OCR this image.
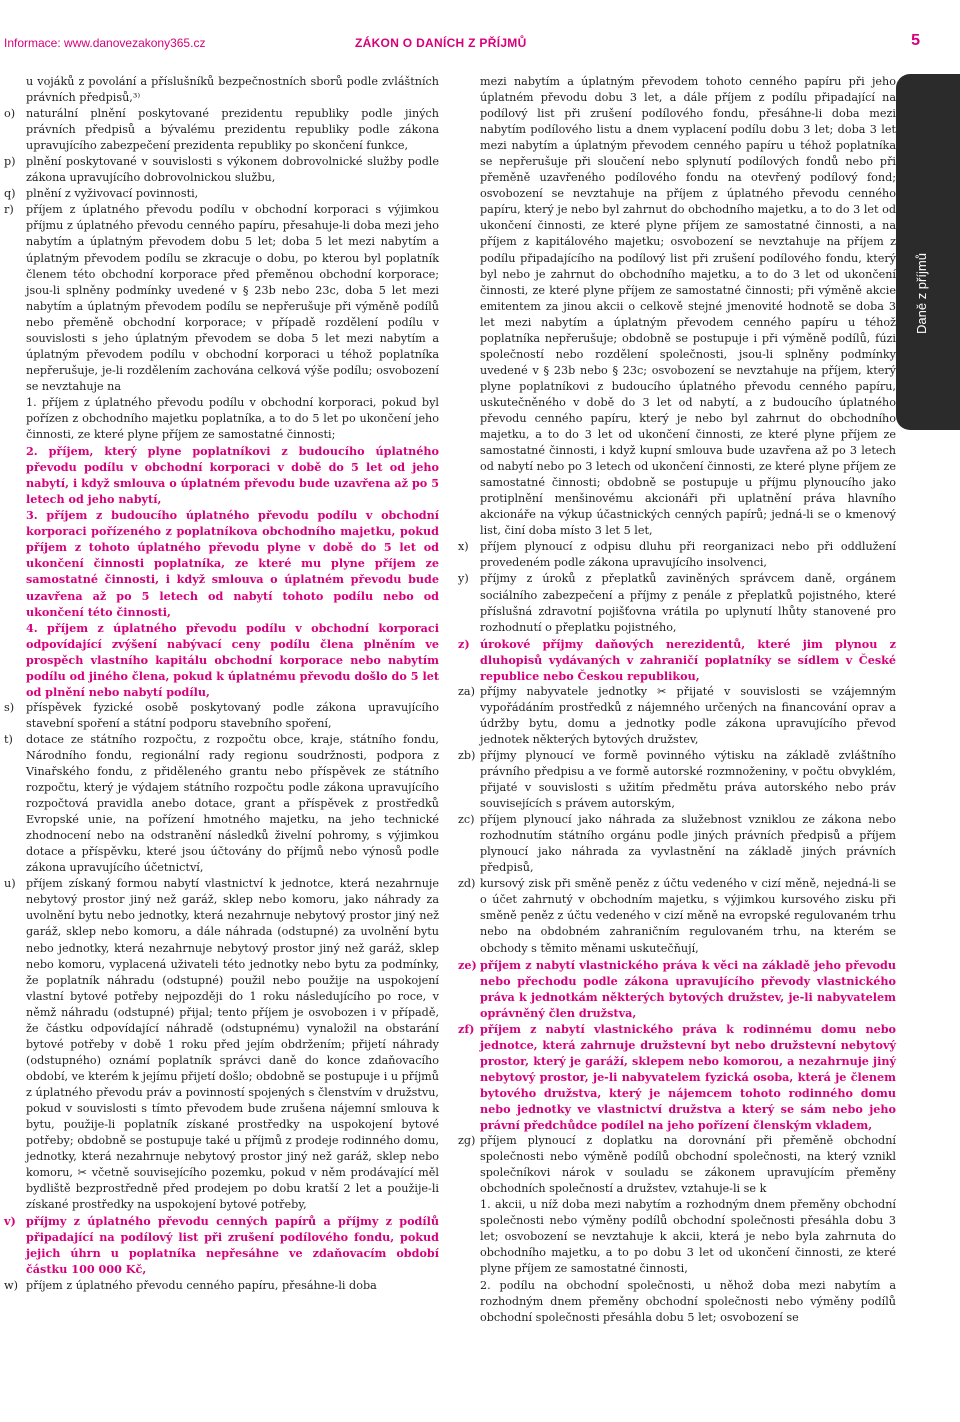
Informace: www.danovezakony365.cz	ZÁKON O DANÍCH Z PŘÍJMŮ	5
Daně z příjmů
u vojáků z povolání a příslušníků bezpečnostních sborů podle zvláštních právních předpisů,³⁾
o) naturální plnění poskytované prezidentu republiky podle jiných právních předpisů a bývalému prezidentu republiky podle zákona upravujícího zabezpečení prezidenta republiky po skončení funkce,
p) plnění poskytované v souvislosti s výkonem dobrovolnické služby podle zákona upravujícího dobrovolnickou službu,
q) plnění z vyživovací povinnosti,
r)	příjem z úplatného převodu podílu v obchodní korporaci s výjimkou příjmu z úplatného převodu cenného papíru, přesahuje-li doba mezi jeho nabytím a úplatným převodem dobu 5 let; doba 5 let mezi nabytím a úplatným převodem podílu se zkracuje o dobu, po kterou byl poplatník členem této obchodní korporace před přeměnou obchodní korporace; jsou-li splněny podmínky uvedené v § 23b nebo 23c, doba 5 let mezi nabytím a úplatným převodem podílu se nepřerušuje při výměně podílů nebo přeměně obchodní korporace; v případě rozdělení podílu v souvislosti s jeho úplatným převodem se doba 5 let mezi nabytím a úplatným převodem podílu v obchodní korporaci u téhož poplatníka nepřerušuje, je-li rozdělením zachována celková výše podílu; osvobození se nevztahuje na
1. příjem z úplatného převodu podílu v obchodní korporaci, pokud byl pořízen z obchodního majetku poplatníka, a to do 5 let po ukončení jeho činnosti, ze které plyne příjem ze samostatné činnosti;
2. příjem, který plyne poplatníkovi z budoucího úplatného převodu podílu v obchodní korporaci v době do 5 let od jeho nabytí, i když smlouva o úplatném převodu bude uzavřena až po 5 letech od jeho nabytí,
3. příjem z budoucího úplatného převodu podílu v obchodní korporaci pořízeného z poplatníkova obchodního majetku, pokud příjem z tohoto úplatného převodu plyne v době do 5 let od ukončení činnosti poplatníka, ze které mu plyne příjem ze samostatné činnosti, i když smlouva o úplatném převodu bude uzavřena až po 5 letech od nabytí tohoto podílu nebo od ukončení této činnosti,
4. příjem z úplatného převodu podílu v obchodní korporaci odpovídající zvýšení nabývací ceny podílu člena plněním ve prospěch vlastního kapitálu obchodní korporace nebo nabytím podílu od jiného člena, pokud k úplatnému převodu došlo do 5 let od plnění nebo nabytí podílu,
s)	příspěvek fyzické osobě poskytovaný podle zákona upravujícího stavební spoření a státní podporu stavebního spoření,
t)	dotace ze státního rozpočtu, z rozpočtu obce, kraje, státního fondu, Národního fondu, regionální rady regionu soudržnosti, podpora z Vinařského fondu, z přiděleného grantu nebo příspěvek ze státního rozpočtu, který je výdajem státního rozpočtu podle zákona upravujícího rozpočtová pravidla anebo dotace, grant a příspěvek z prostředků Evropské unie, na pořízení hmotného majetku, na jeho technické zhodnocení nebo na odstranění následků živelní pohromy, s výjimkou dotace a příspěvku, které jsou účtovány do příjmů nebo výnosů podle zákona upravujícího účetnictví,
u) příjem získaný formou nabytí vlastnictví k jednotce, která nezahrnuje nebytový prostor jiný než garáž, sklep nebo komoru, jako náhrady za uvolnění bytu nebo jednotky, která nezahrnuje nebytový prostor jiný než garáž, sklep nebo komoru, a dále náhrada (odstupné) za uvolnění bytu nebo jednotky, která nezahrnuje nebytový prostor jiný než garáž, sklep nebo komoru, vyplacená uživateli této jednotky nebo bytu za podmínky, že poplatník náhradu (odstupné) použil nebo použije na uspokojení vlastní bytové potřeby nejpozději do 1 roku následujícího po roce, v němž náhradu (odstupné) přijal; tento příjem je osvobozen i v případě, že částku odpovídající náhradě (odstupnému) vynaložil na obstarání bytové potřeby v době 1 roku před jejím obdržením; přijetí náhrady (odstupného) oznámí poplatník správci daně do konce zdaňovacího období, ve kterém k jejímu přijetí došlo; obdobně se postupuje i u příjmů z úplatného převodu práv a povinností spojených s členstvím v družstvu, pokud v souvislosti s tímto převodem bude zrušena nájemní smlouva k bytu, použije-li poplatník získané prostředky na uspokojení bytové potřeby; obdobně se postupuje také u příjmů z prodeje rodinného domu, jednotky, která nezahrnuje nebytový prostor jiný než garáž, sklep nebo komoru, ✂ včetně souvisejícího pozemku, pokud v něm prodávající měl bydliště bezprostředně před prodejem po dobu kratší 2 let a použije-li získané prostředky na uspokojení bytové potřeby,
v) příjmy z úplatného převodu cenných papírů a příjmy z podílů připadající na podílový list při zrušení podílového fondu, pokud jejich úhrn u poplatníka nepřesáhne ve zdaňovacím období částku 100 000 Kč,
w) příjem z úplatného převodu cenného papíru, přesáhne-li doba
mezi nabytím a úplatným převodem tohoto cenného papíru při jeho úplatném převodu dobu 3 let, a dále příjem z podílu připadající na podílový list při zrušení podílového fondu, přesáhne-li doba mezi nabytím podílového listu a dnem vyplacení podílu dobu 3 let; doba 3 let mezi nabytím a úplatným převodem cenného papíru u téhož poplatníka se nepřerušuje při sloučení nebo splynutí podílových fondů nebo při přeměně uzavřeného podílového fondu na otevřený podílový fond; osvobození se nevztahuje na příjem z úplatného převodu cenného papíru, který je nebo byl zahrnut do obchodního majetku, a to do 3 let od ukončení činnosti, ze které plyne příjem ze samostatné činnosti, a na příjem z kapitálového majetku; osvobození se nevztahuje na příjem z podílu připadajícího na podílový list při zrušení podílového fondu, který byl nebo je zahrnut do obchodního majetku, a to do 3 let od ukončení činnosti, ze které plyne příjem ze samostatné činnosti; při výměně akcie emitentem za jinou akcii o celkově stejné jmenovité hodnotě se doba 3 let mezi nabytím a úplatným převodem cenného papíru u téhož poplatníka nepřerušuje; obdobně se postupuje i při výměně podílů, fúzi společností nebo rozdělení společnosti, jsou-li splněny podmínky uvedené v § 23b nebo § 23c; osvobození se nevztahuje na příjem, který plyne poplatníkovi z budoucího úplatného převodu cenného papíru, uskutečněného v době do 3 let od nabytí, a z budoucího úplatného převodu cenného papíru, který je nebo byl zahrnut do obchodního majetku, a to do 3 let od ukončení činnosti, ze které plyne příjem ze samostatné činnosti, i když kupní smlouva bude uzavřena až po 3 letech od nabytí nebo po 3 letech od ukončení činnosti, ze které plyne příjem ze samostatné činnosti; obdobně se postupuje u příjmu plynoucího jako protiplnění menšinovému akcionáři při uplatnění práva hlavního akcionáře na výkup účastnických cenných papírů; jedná-li se o kmenový list, činí doba místo 3 let 5 let,
x)	příjem plynoucí z odpisu dluhu při reorganizaci nebo při oddlužení provedeném podle zákona upravujícího insolvenci,
y)	příjmy z úroků z přeplatků zaviněných správcem daně, orgánem sociálního zabezpečení a příjmy z penále z přeplatků pojistného, které příslušná zdravotní pojišťovna vrátila po uplynutí lhůty stanovené pro rozhodnutí o přeplatku pojistného,
z) úrokové příjmy daňových nerezidentů, které jim plynou z dluhopisů vydávaných v zahraničí poplatníky se sídlem v České republice nebo Českou republikou,
za) příjmy nabyvatele jednotky ✂ přijaté v souvislosti se vzájemným vypořádáním prostředků z nájemného určených na financování oprav a údržby bytu, domu a jednotky podle zákona upravujícího převod jednotek některých bytových družstev,
zb) příjmy plynoucí ve formě povinného výtisku na základě zvláštního právního předpisu a ve formě autorské rozmnoženiny, v počtu obvyklém, přijaté v souvislosti s užitím předmětu práva autorského nebo práv souvisejících s právem autorským,
zc) příjem plynoucí jako náhrada za služebnost vzniklou ze zákona nebo rozhodnutím státního orgánu podle jiných právních předpisů a příjem plynoucí jako náhrada za vyvlastnění na základě jiných právních předpisů,
zd) kursový zisk při směně peněz z účtu vedeného v cizí měně, nejedná-li se o účet zahrnutý v obchodním majetku, s výjimkou kursového zisku při směně peněz z účtu vedeného v cizí měně na evropské regulovaném trhu nebo na obdobném zahraničním regulovaném trhu, na kterém se obchody s těmito měnami uskutečňují,
ze) příjem z nabytí vlastnického práva k věci na základě jeho převodu nebo přechodu podle zákona upravujícího převody vlastnického práva k jednotkám některých bytových družstev, je-li nabyvatelem oprávněný člen družstva,
zf) příjem z nabytí vlastnického práva k rodinnému domu nebo jednotce, která zahrnuje družstevní byt nebo družstevní nebytový prostor, který je garáží, sklepem nebo komorou, a nezahrnuje jiný nebytový prostor, je-li nabyvatelem fyzická osoba, která je členem bytového družstva, který je nájemcem tohoto rodinného domu nebo jednotky ve vlastnictví družstva a který se sám nebo jeho právní předchůdce podílel na jeho pořízení členským vkladem,
zg) příjem plynoucí z doplatku na dorovnání při přeměně obchodní společnosti nebo výměně podílů obchodní společnosti, na který vznikl společníkovi nárok v souladu se zákonem upravujícím přeměny obchodních společností a družstev, vztahuje-li se k
1. akcii, u níž doba mezi nabytím a rozhodným dnem přeměny obchodní společnosti nebo výměny podílů obchodní společnosti přesáhla dobu 3 let; osvobození se nevztahuje k akcii, která je nebo byla zahrnuta do obchodního majetku, a to po dobu 3 let od ukončení činnosti, ze které plyne příjem ze samostatné činnosti,
2. podílu na obchodní společnosti, u něhož doba mezi nabytím a rozhodným dnem přeměny obchodní společnosti nebo výměny podílů obchodní společnosti přesáhla dobu 5 let; osvobození se
